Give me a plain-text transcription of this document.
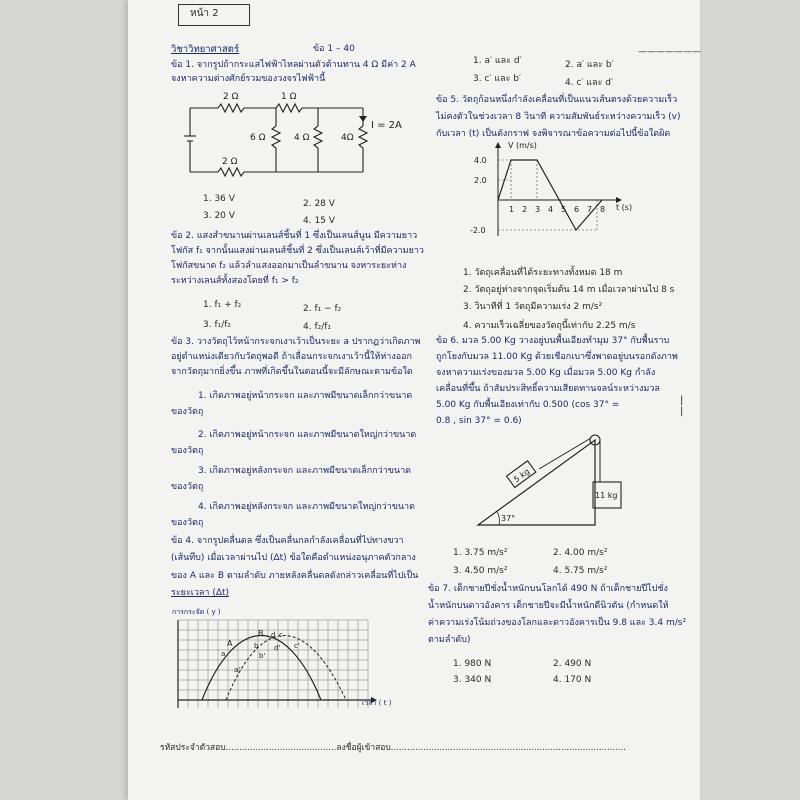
หน้า 2
———————
วิชาวิทยาศาสตร์	ข้อ 1 – 40
ข้อ 1. จากรูปถ้ากระแสไฟฟ้าไหลผ่านตัวต้านทาน 4 Ω มีค่า 2 A
จงหาความต่างศักย์รวมของวงจรไฟฟ้านี้
2 Ω	1 Ω
6 Ω	4 Ω	4Ω
I = 2A
2 Ω
1. 36 V	2. 28 V
3. 20 V	4. 15 V
ข้อ 2. แสงสำขนานผ่านเลนส์ชิ้นที่ 1 ซึ่งเป็นเลนส์นูน มีความยาว
โฟกัส f₁ จากนั้นแสงผ่านเลนส์ชิ้นที่ 2 ซึ่งเป็นเลนส์เว้าที่มีความยาว
โฟกัสขนาด f₂ แล้วลำแสงออกมาเป็นลำขนาน จงหาระยะห่าง
ระหว่างเลนส์ทั้งสองโดยที่ f₁ > f₂
1. f₁ + f₂	2. f₁ − f₂
3. f₁/f₂	4. f₂/f₁
ข้อ 3. วางวัตถุไว้หน้ากระจกเงาเว้าเป็นระยะ a ปรากฏว่าเกิดภาพ
อยู่ตำแหน่งเดียวกับวัตถุพอดี ถ้าเลื่อนกระจกเงาเว้านี้ให้ห่างออก
จากวัตถุมากยิ่งขึ้น ภาพที่เกิดขึ้นในตอนนี้จะมีลักษณะตามข้อใด
1. เกิดภาพอยู่หน้ากระจก และภาพมีขนาดเล็กกว่าขนาด
ของวัตถุ
2. เกิดภาพอยู่หน้ากระจก และภาพมีขนาดใหญ่กว่าขนาด
ของวัตถุ
3. เกิดภาพอยู่หลังกระจก และภาพมีขนาดเล็กกว่าขนาด
ของวัตถุ
4. เกิดภาพอยู่หลังกระจก และภาพมีขนาดใหญ่กว่าขนาด
ของวัตถุ
ข้อ 4. จากรูปคลื่นดล ซึ่งเป็นคลื่นกลกำลังเคลื่อนที่ไปทางขวา
(เส้นทึบ) เมื่อเวลาผ่านไป (Δt) ข้อใดคือตำแหน่งอนุภาคตัวกลาง
ของ A และ B ตามลำดับ ภายหลังคลื่นดลดังกล่าวเคลื่อนที่ไปเป็น
ระยะเวลา (Δt)
การกระจัด ( y )
A
B
a
b
c
a'
b'
c'
d
d'
เวลา ( t )
1. a′ และ d′	2. a′ และ b′
3. c′ และ b′	4. c′ และ d′
ข้อ 5. วัตถุก้อนหนึ่งกำลังเคลื่อนที่เป็นแนวเส้นตรงด้วยความเร็ว
ไม่คงตัวในช่วงเวลา 8 วินาที ความสัมพันธ์ระหว่างความเร็ว (v)
กับเวลา (t) เป็นดังกราฟ จงพิจารณาข้อความต่อไปนี้ข้อใดผิด
V (m/s)
4.0
2.0
-2.0
1 2 3 4 5 6 7 8 t (s)
1. วัตถุเคลื่อนที่ได้ระยะทางทั้งหมด 18 m
2. วัตถุอยู่ห่างจากจุดเริ่มต้น 14 m เมื่อเวลาผ่านไป 8 s
3. วินาทีที่ 1 วัตถุมีความเร่ง 2 m/s²
4. ความเร็วเฉลี่ยของวัตถุนี้เท่ากับ 2.25 m/s
ข้อ 6. มวล 5.00 Kg วางอยู่บนพื้นเอียงทำมุม 37° กับพื้นราบ
ถูกโยงกับมวล 11.00 Kg ด้วยเชือกเบาซึ่งพาดอยู่บนรอกดังภาพ
จงหาความเร่งของมวล 5.00 Kg เมื่อมวล 5.00 Kg กำลัง
เคลื่อนที่ขึ้น ถ้าสัมประสิทธิ์ความเสียดทานจลน์ระหว่างมวล
5.00 Kg กับพื้นเอียงเท่ากับ 0.500 (cos 37° =
0.8 , sin 37° = 0.6)
|
|
5 kg
37°
11 kg
1. 3.75 m/s²	2. 4.00 m/s²
3. 4.50 m/s²	4. 5.75 m/s²
ข้อ 7. เด็กชายปีชั่งน้ำหนักบนโลกได้ 490 N ถ้าเด็กชายปีไปชั่ง
น้ำหนักบนดาวอังคาร เด็กชายปีจะมีน้ำหนักดีนิวตัน (กำหนดให้
ค่าความเร่งโน้มถ่วงของโลกและดาวอังคารเป็น 9.8 และ 3.4 m/s²
ตามลำดับ)
1. 980 N	2. 490 N
3. 340 N	4. 170 N
รหัสประจำตัวสอบ.........................................ลงชื่อผู้เข้าสอบ.......................................................................................
